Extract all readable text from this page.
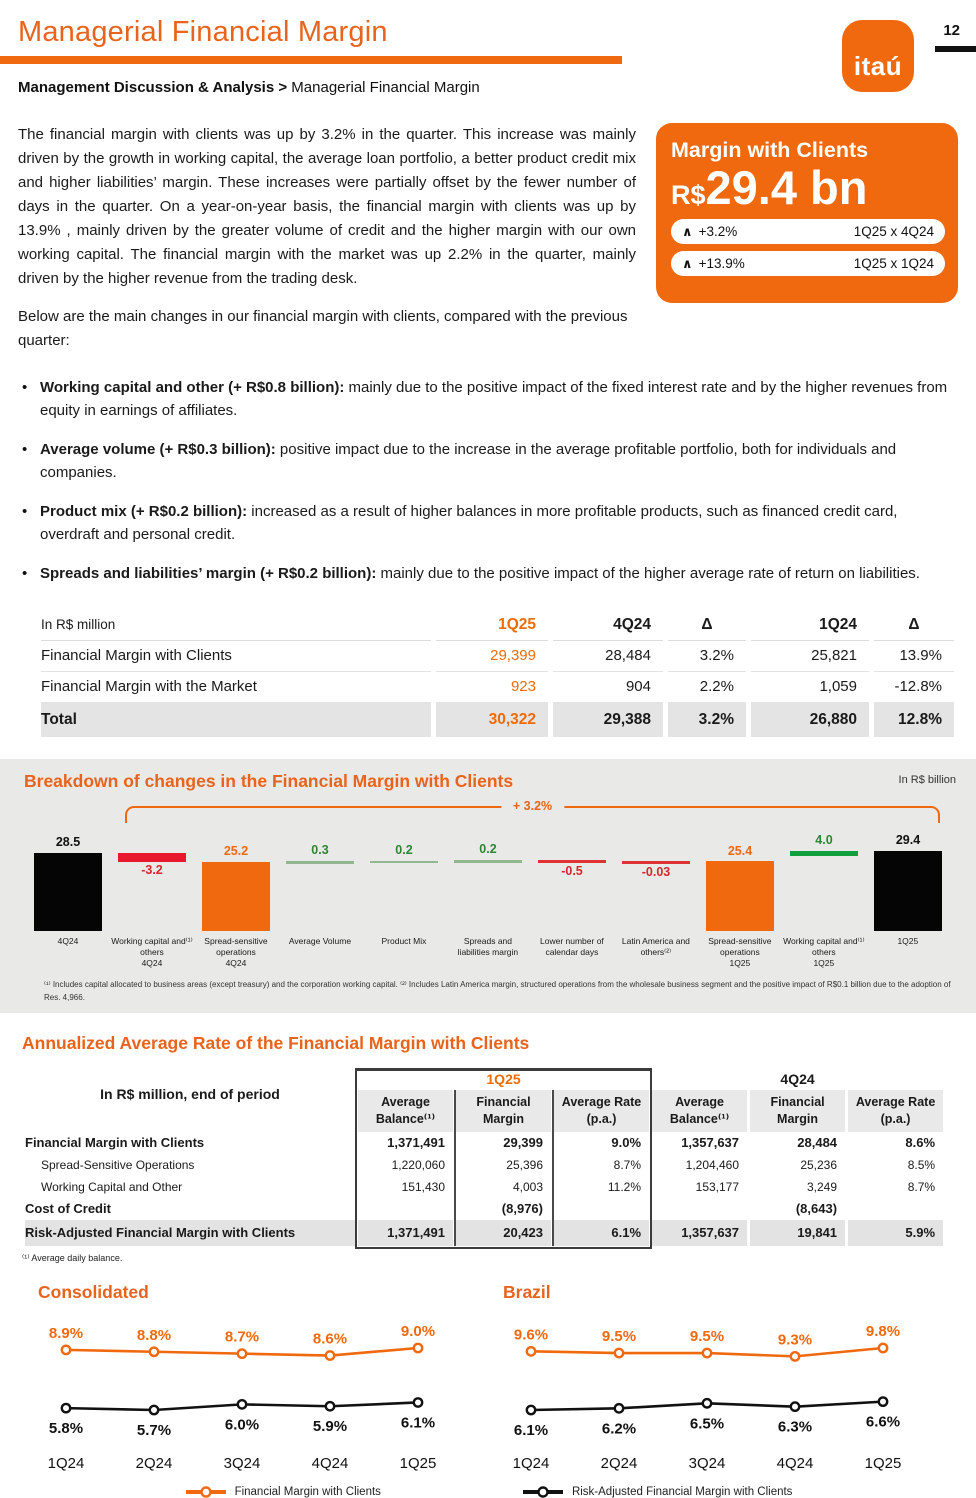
Managerial Financial Margin
Management Discussion & Analysis > Managerial Financial Margin
itaú
12

The financial margin with clients was up by 3.2% in the quarter. This increase was mainly driven by the growth in working capital, the average loan portfolio, a better product credit mix and higher liabilities’ margin. These increases were partially offset by the fewer number of days in the quarter. On a year-on-year basis, the financial margin with clients was up by 13.9% , mainly driven by the greater volume of credit and the higher margin with our own working capital. The financial margin with the market was up 2.2% in the quarter, mainly driven by the higher revenue from the trading desk.

Below are the main changes in our financial margin with clients, compared with the previous quarter:

Margin with Clients
R$29.4 bn
∧ +3.2%	1Q25 x 4Q24
∧ +13.9%	1Q25 x 1Q24
• Working capital and other (+ R$0.8 billion): mainly due to the positive impact of the fixed interest rate and by the higher revenues from equity in earnings of affiliates.
• Average volume (+ R$0.3 billion): positive impact due to the increase in the average profitable portfolio, both for individuals and companies.
• Product mix (+ R$0.2 billion): increased as a result of higher balances in more profitable products, such as financed credit card, overdraft and personal credit.
• Spreads and liabilities’ margin (+ R$0.2 billion): mainly due to the positive impact of the higher average rate of return on liabilities.
In R$ million	1Q25	4Q24	Δ	1Q24	Δ
Financial Margin with Clients	29,399	28,484	3.2%	25,821	13.9%
Financial Margin with the Market	923	904	2.2%	1,059	-12.8%
Total	30,322	29,388	3.2%	26,880	12.8%
Breakdown of changes in the Financial Margin with Clients	In R$ billion
+ 3.2%
28.5
-3.2
25.2	0.3	0.2	0.2
-0.5	-0.03
25.4
4.0	29.4
4Q24	Working capital and⁽¹⁾
others
4Q24
Spread-sensitive
operations
4Q24
Average Volume	Product Mix	Spreads and
liabilities margin
Lower number of
calendar days
Latin America and
others⁽²⁾
Spread-sensitive
operations
1Q25
Working capital and⁽¹⁾
others
1Q25
1Q25
⁽¹⁾ Includes capital allocated to business areas (except treasury) and the corporation working capital. ⁽²⁾ Includes Latin America margin, structured operations from the wholesale business segment and the positive impact of R$0.1 billion due to the adoption of Res. 4,966.
Annualized Average Rate of the Financial Margin with Clients
In R$ million, end of period	1Q25			4Q24		
	Average Balance⁽¹⁾	Financial Margin	Average Rate (p.a.)	Average Balance⁽¹⁾	Financial Margin	Average Rate (p.a.)
Financial Margin with Clients	1,371,491	29,399	9.0%	1,357,637	28,484	8.6%
Spread-Sensitive Operations	1,220,060	25,396	8.7%	1,204,460	25,236	8.5%
Working Capital and Other	151,430	4,003	11.2%	153,177	3,249	8.7%
Cost of Credit		(8,976)			(8,643)	
Risk-Adjusted Financial Margin with Clients	1,371,491	20,423	6.1%	1,357,637	19,841	5.9%
⁽¹⁾ Average daily balance.
Consolidated
8.9%	8.8%	8.7%	8.6%	9.0%
5.8%	5.7%	6.0%	5.9%	6.1%
1Q24	2Q24	3Q24	4Q24	1Q25
Brazil
9.6%	9.5%	9.5%	9.3%	9.8%
6.1%	6.2%	6.5%	6.3%	6.6%
1Q24	2Q24	3Q24	4Q24	1Q25
Financial Margin with Clients	Risk-Adjusted Financial Margin with Clients
